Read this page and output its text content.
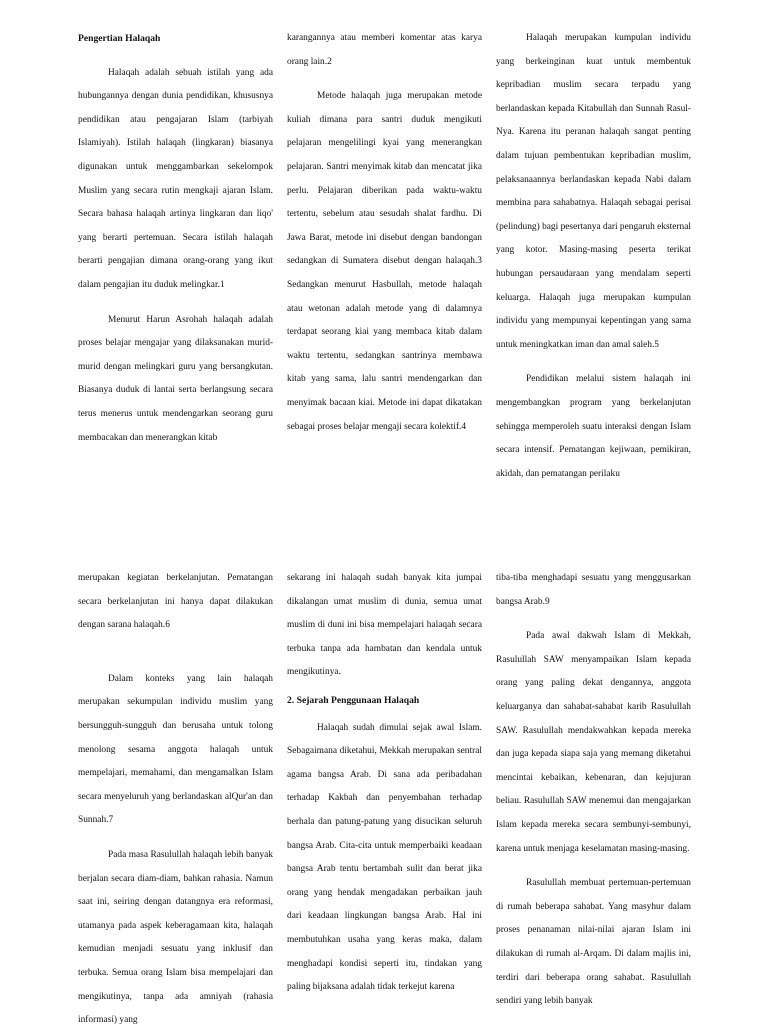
Pengertian Halaqah

Halaqah adalah sebuah istilah yang ada hubungannya dengan dunia pendidikan, khususnya pendidikan atau pengajaran Islam (tarbiyah Islamiyah). Istilah halaqah (lingkaran) biasanya digunakan untuk menggambarkan sekelompok Muslim yang secara rutin mengkaji ajaran Islam. Secara bahasa halaqah artinya lingkaran dan liqo' yang berarti pertemuan. Secara istilah halaqah berarti pengajian dimana orang-orang yang ikut dalam pengajian itu duduk melingkar.1

Menurut Harun Asrohah halaqah adalah proses belajar mengajar yang dilaksanakan murid-murid dengan melingkari guru yang bersangkutan. Biasanya duduk di lantai serta berlangsung secara terus menerus untuk mendengarkan seorang guru membacakan dan menerangkan kitab

karangannya atau memberi komentar atas karya orang lain.2

Metode halaqah juga merupakan metode kuliah dimana para santri duduk mengikuti pelajaran mengelilingi kyai yang menerangkan pelajaran. Santri menyimak kitab dan mencatat jika perlu. Pelajaran diberikan pada waktu-waktu tertentu, sebelum atau sesudah shalat fardhu. Di Jawa Barat, metode ini disebut dengan bandongan sedangkan di Sumatera disebut dengan halaqah.3 Sedangkan menurut Hasbullah, metode halaqah atau wetonan adalah metode yang di dalamnya terdapat seorang kiai yang membaca kitab dalam waktu tertentu, sedangkan santrinya membawa kitab yang sama, lalu santri mendengarkan dan menyimak bacaan kiai. Metode ini dapat dikatakan sebagai proses belajar mengaji secara kolektif.4

Halaqah merupakan kumpulan individu yang berkeinginan kuat untuk membentuk kepribadian muslim secara terpadu yang berlandaskan kepada Kitabullah dan Sunnah Rasul-Nya. Karena itu peranan halaqah sangat penting dalam tujuan pembentukan kepribadian muslim, pelaksanaannya berlandaskan kepada Nabi dalam membina para sahabatnya. Halaqah sebagai perisai (pelindung) bagi pesertanya dari pengaruh eksternal yang kotor. Masing-masing peserta terikat hubungan persaudaraan yang mendalam seperti keluarga. Halaqah juga merupakan kumpulan individu yang mempunyai kepentingan yang sama untuk meningkatkan iman dan amal saleh.5

Pendidikan melalui sistem halaqah ini mengembangkan program yang berkelanjutan sehingga memperoleh suatu interaksi dengan Islam secara intensif. Pematangan kejiwaan, pemikiran, akidah, dan pematangan perilaku

merupakan kegiatan berkelanjutan. Pematangan secara berkelanjutan ini hanya dapat dilakukan dengan sarana halaqah.6

Dalam konteks yang lain halaqah merupakan sekumpulan individu muslim yang bersungguh-sungguh dan berusaha untuk tolong menolong sesama anggota halaqah untuk mempelajari, memahami, dan mengamalkan Islam secara menyeluruh yang berlandaskan alQur'an dan Sunnah.7

Pada masa Rasulullah halaqah lebih banyak berjalan secara diam-diam, bahkan rahasia. Namun saat ini, seiring dengan datangnya era reformasi, utamanya pada aspek keberagamaan kita, halaqah kemudian menjadi sesuatu yang inklusif dan terbuka. Semua orang Islam bisa mempelajari dan mengikutinya, tanpa ada amniyah (rahasia informasi) yang

sekarang ini halaqah sudah banyak kita jumpai dikalangan umat muslim di dunia, semua umat muslim di duni ini bisa mempelajari halaqah secara terbuka tanpa ada hambatan dan kendala untuk mengikutinya.

2. Sejarah Penggunaan Halaqah

Halaqah sudah dimulai sejak awal Islam. Sebagaimana diketahui, Mekkah merupakan sentral agama bangsa Arab. Di sana ada peribadahan terhadap Kakbah dan penyembahan terhadap berhala dan patung-patung yang disucikan seluruh bangsa Arab. Cita-cita untuk memperbaiki keadaan bangsa Arab tentu bertambah sulit dan berat jika orang yang hendak mengadakan perbaikan jauh dari keadaan lingkungan bangsa Arab. Hal ini membutuhkan usaha yang keras maka, dalam menghadapi kondisi seperti itu, tindakan yang paling bijaksana adalah tidak terkejut karena

tiba-tiba menghadapi sesuatu yang menggusarkan bangsa Arab.9

Pada awal dakwah Islam di Mekkah, Rasulullah SAW menyampaikan Islam kepada orang yang paling dekat dengannya, anggota keluarganya dan sahabat-sahabat karib Rasulullah SAW. Rasulullah mendakwahkan kepada mereka dan juga kepada siapa saja yang memang diketahui mencintai kebaikan, kebenaran, dan kejujuran beliau. Rasulullah SAW menemui dan mengajarkan Islam kepada mereka secara sembunyi-sembunyi, karena untuk menjaga keselamatan masing-masing.

Rasulullah membuat pertemuan-pertemuan di rumah beberapa sahabat. Yang masyhur dalam proses penanaman nilai-nilai ajaran Islam ini dilakukan di rumah al-Arqam. Di dalam majlis ini, terdiri dari beberapa orang sahabat. Rasulullah sendiri yang lebih banyak
